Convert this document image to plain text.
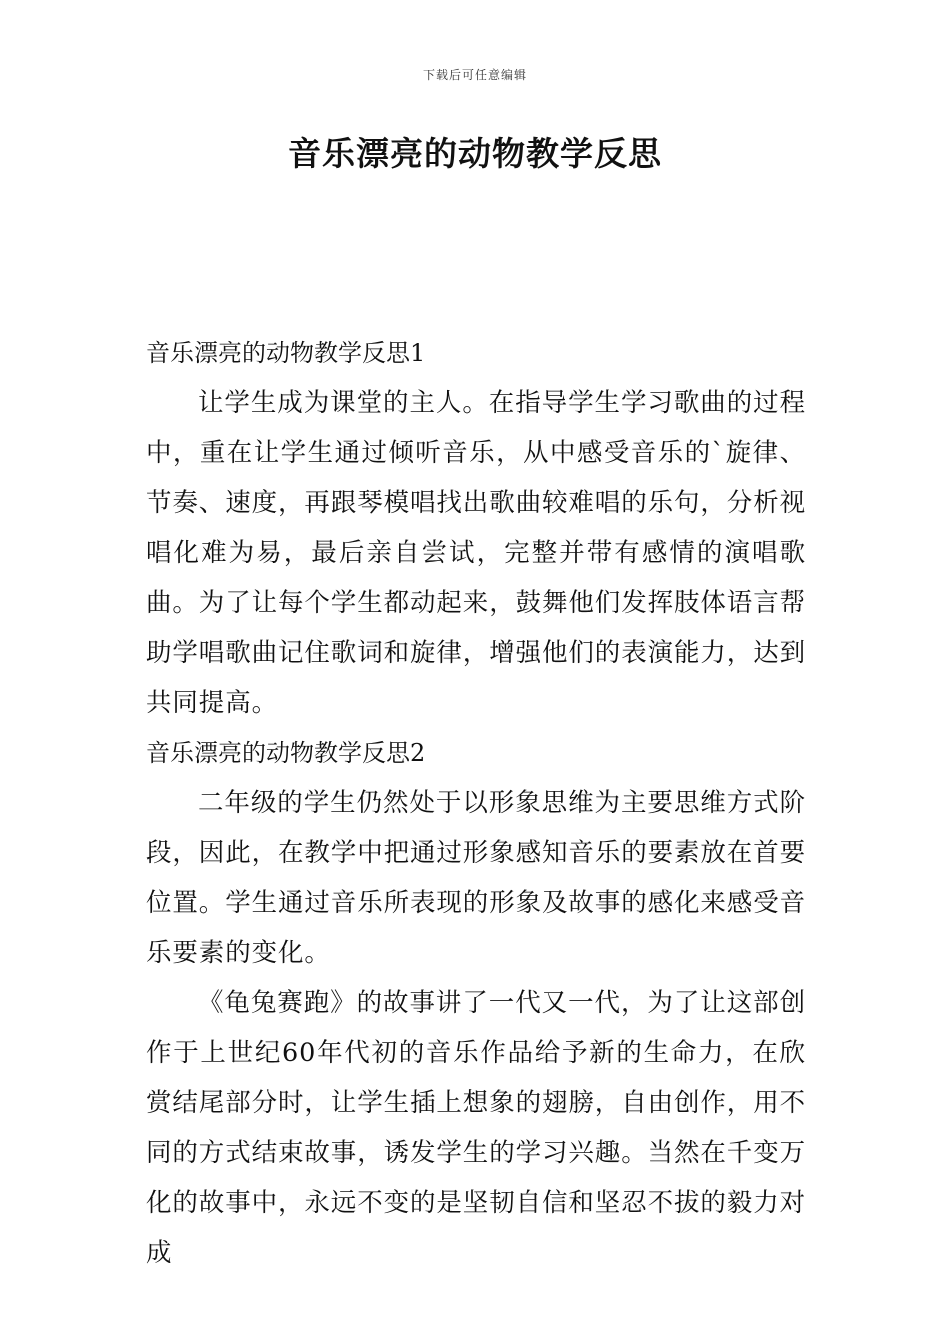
下载后可任意编辑
音乐漂亮的动物教学反思
音乐漂亮的动物教学反思1

让学生成为课堂的主人。在指导学生学习歌曲的过程中，重在让学生通过倾听音乐，从中感受音乐的`旋律、节奏、速度，再跟琴模唱找出歌曲较难唱的乐句，分析视唱化难为易，最后亲自尝试，完整并带有感情的演唱歌曲。为了让每个学生都动起来，鼓舞他们发挥肢体语言帮助学唱歌曲记住歌词和旋律，增强他们的表演能力，达到共同提高。

音乐漂亮的动物教学反思2

二年级的学生仍然处于以形象思维为主要思维方式阶段，因此，在教学中把通过形象感知音乐的要素放在首要位置。学生通过音乐所表现的形象及故事的感化来感受音乐要素的变化。

《龟兔赛跑》的故事讲了一代又一代，为了让这部创作于上世纪60年代初的音乐作品给予新的生命力，在欣赏结尾部分时，让学生插上想象的翅膀，自由创作，用不同的方式结束故事，诱发学生的学习兴趣。当然在千变万化的故事中，永远不变的是坚韧自信和坚忍不拔的毅力对成
